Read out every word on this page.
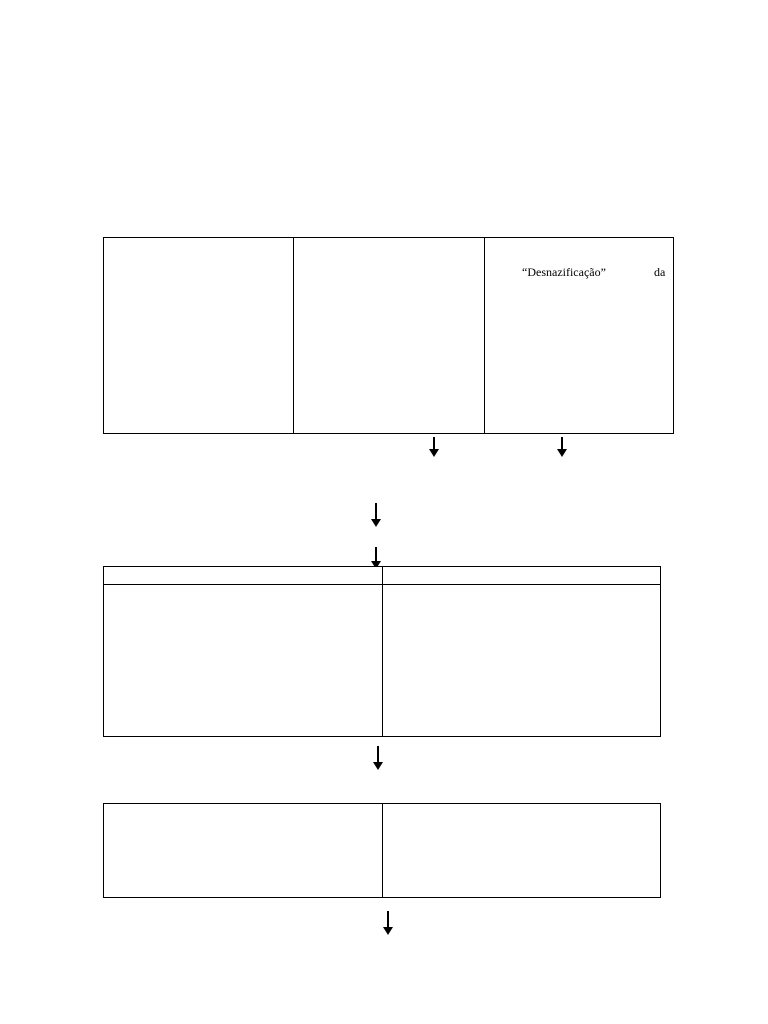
“Desnazificação”	da
